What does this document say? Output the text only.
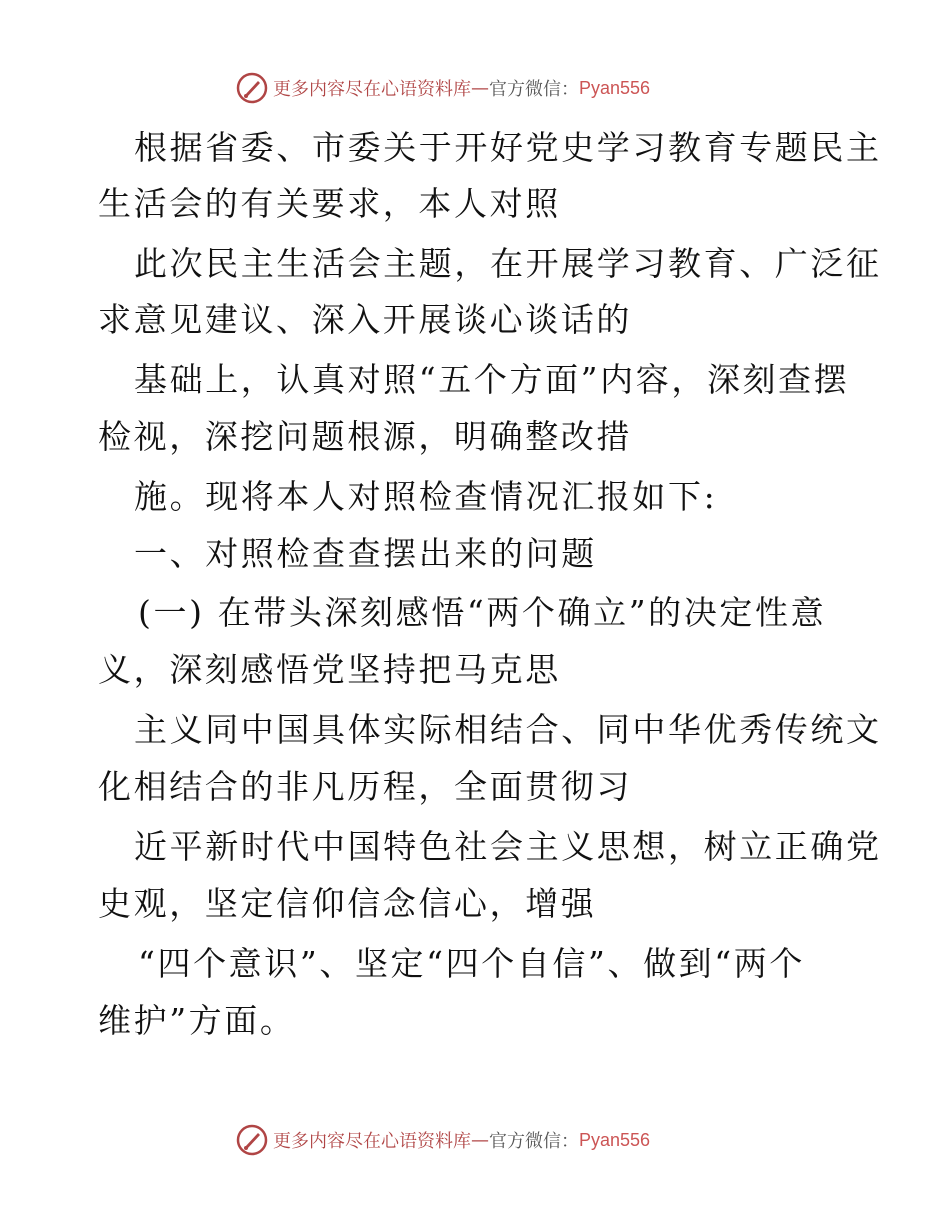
更多内容尽在心语资料库 — 官方微信： Pyan556
根据省委、市委关于开好党史学习教育专题民主
生活会的有关要求，本人对照
此次民主生活会主题，在开展学习教育、广泛征
求意见建议、深入开展谈心谈话的
基础上，认真对照“五个方面”内容，深刻查摆
检视，深挖问题根源，明确整改措
施。现将本人对照检查情况汇报如下:
一、对照检查查摆出来的问题
(一) 在带头深刻感悟“两个确立”的决定性意
义，深刻感悟党坚持把马克思
主义同中国具体实际相结合、同中华优秀传统文
化相结合的非凡历程，全面贯彻习
近平新时代中国特色社会主义思想，树立正确党
史观，坚定信仰信念信心，增强
“四个意识”、坚定“四个自信”、做到“两个
维护”方面。
更多内容尽在心语资料库 — 官方微信： Pyan556
